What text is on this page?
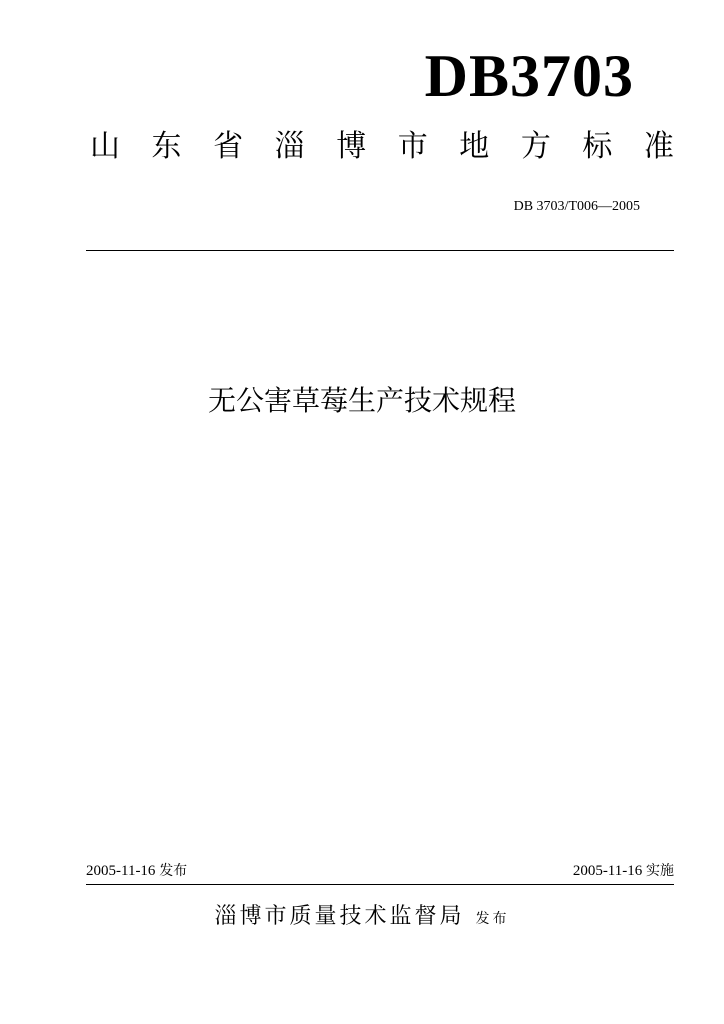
DB3703
山 东 省 淄 博 市 地 方 标 准
DB 3703/T006—2005
无公害草莓生产技术规程
2005-11-16 发布	2005-11-16 实施
淄博市质量技术监督局 发布
